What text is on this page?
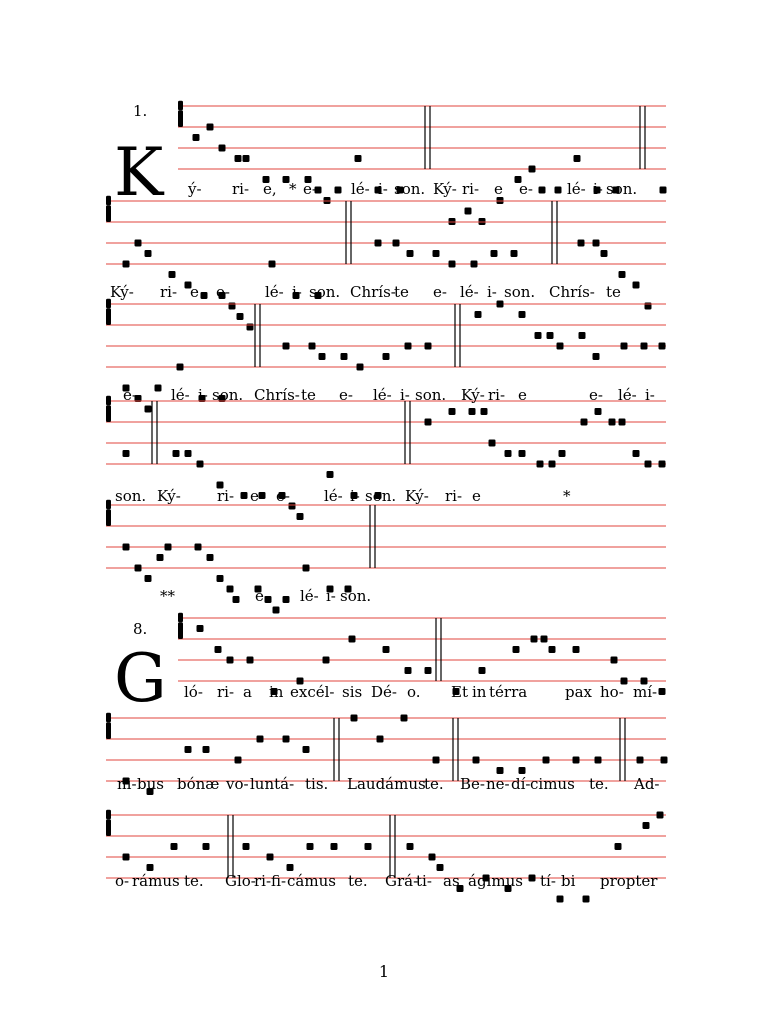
1.
K
8.
G
ý- ri- e, * e- lé- i- son. Ký- ri- e e- lé- i- son.
Ký- ri- e e- lé- i- son. Chrís-
te e- lé- i- son. Chrís- te
e- lé- i- son. Chrís- te e- lé- i- son. Ký- ri- e	e- lé- i-
son. Ký- ri- e e- lé- i- son. Ký- ri- e	*
**	e- lé- i- son.
ló- ri- a in excél- sis Dé- o. Et in térra	pax ho- mí-
ni- bus bónæ vo- luntá- tis. Laudámus
te. Be- ne- dí- cimus te. Ad-
o- rámus te. Glo-
ri- fi- cámus te. Grá-
ti- as ágimus tí- bi propter
1
